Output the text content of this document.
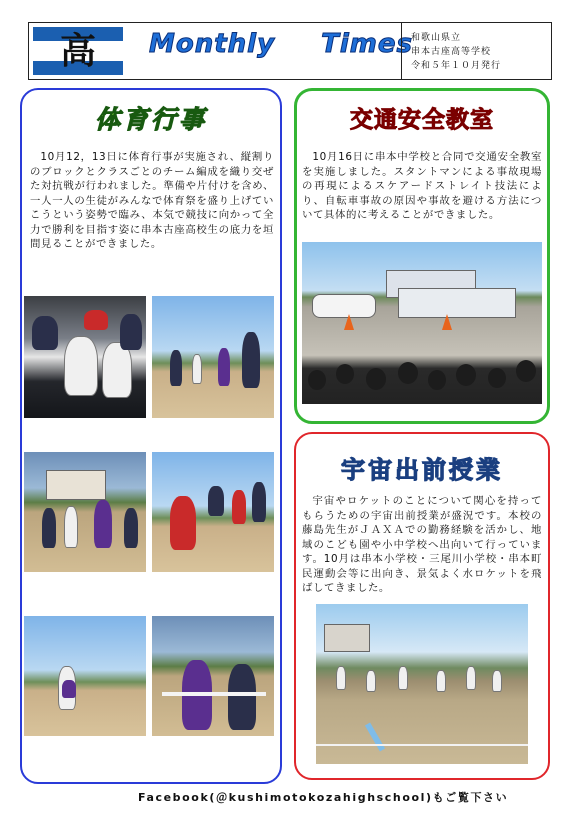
高	Monthly Times
和歌山県立
串本古座高等学校
令和５年１０月発行
体育行事
10月12，13日に体育行事が実施され、縦割りのブロックとクラスごとのチーム編成を織り交ぜた対抗戦が行われました。準備や片付けを含め、一人一人の生徒がみんなで体育祭を盛り上げていこうという姿勢で臨み、本気で競技に向かって全力で勝利を目指す姿に串本古座高校生の底力を垣間見ることができました。
交通安全教室
10月16日に串本中学校と合同で交通安全教室を実施しました。スタントマンによる事故現場の再現によるスケアードストレイト技法により、自転車事故の原因や事故を避ける方法について具体的に考えることができました。
宇宙出前授業
宇宙やロケットのことについて関心を持ってもらうための宇宙出前授業が盛況です。本校の藤島先生がＪＡＸＡでの勤務経験を活かし、地域のこども園や小中学校へ出向いて行っています。10月は串本小学校・三尾川小学校・串本町民運動会等に出向き、景気よく水ロケットを飛ばしてきました。
Facebook(＠kushimotokozahighschool)もご覧下さい
